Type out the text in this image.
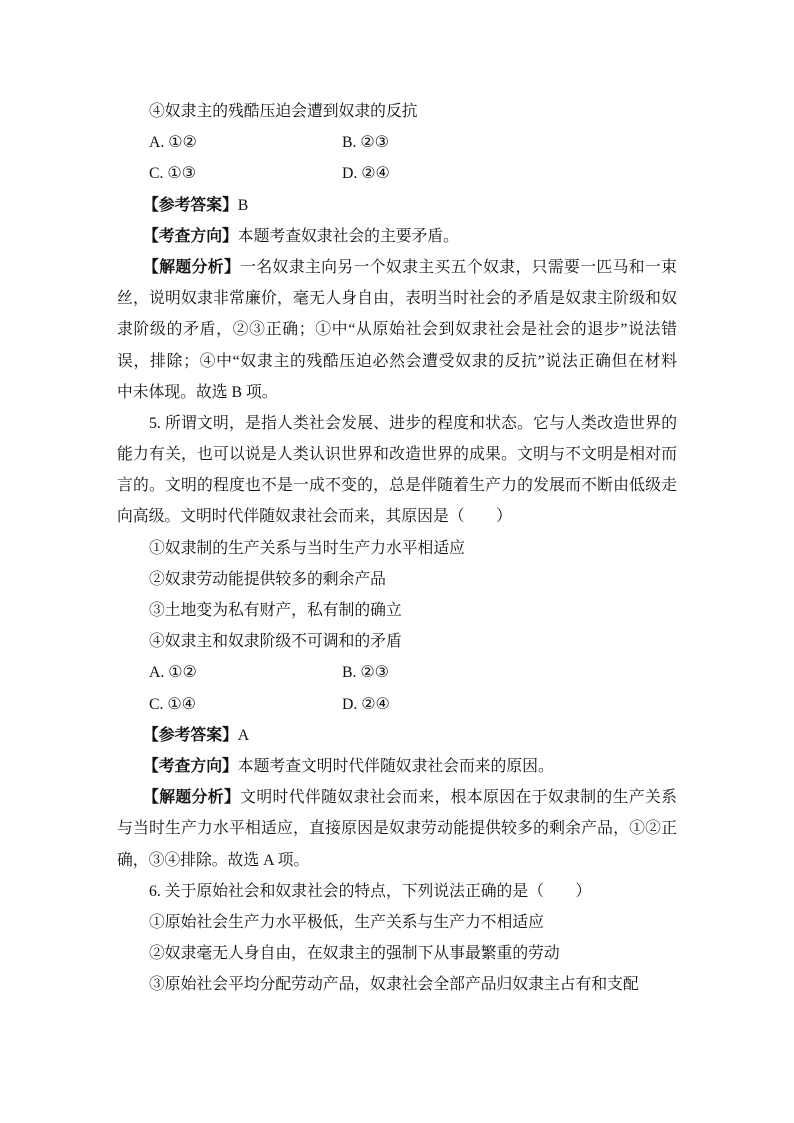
④奴隶主的残酷压迫会遭到奴隶的反抗
A. ①②	B. ②③
C. ①③	D. ②④
【参考答案】B
【考查方向】本题考查奴隶社会的主要矛盾。
【解题分析】一名奴隶主向另一个奴隶主买五个奴隶，只需要一匹马和一束
丝，说明奴隶非常廉价，毫无人身自由，表明当时社会的矛盾是奴隶主阶级和奴
隶阶级的矛盾，②③正确；①中“从原始社会到奴隶社会是社会的退步”说法错
误，排除；④中“奴隶主的残酷压迫必然会遭受奴隶的反抗”说法正确但在材料
中未体现。故选 B 项。
5. 所谓文明，是指人类社会发展、进步的程度和状态。它与人类改造世界的
能力有关，也可以说是人类认识世界和改造世界的成果。文明与不文明是相对而
言的。文明的程度也不是一成不变的，总是伴随着生产力的发展而不断由低级走
向高级。文明时代伴随奴隶社会而来，其原因是（　　）
①奴隶制的生产关系与当时生产力水平相适应
②奴隶劳动能提供较多的剩余产品
③土地变为私有财产，私有制的确立
④奴隶主和奴隶阶级不可调和的矛盾
A. ①②	B. ②③
C. ①④	D. ②④
【参考答案】A
【考查方向】本题考查文明时代伴随奴隶社会而来的原因。
【解题分析】文明时代伴随奴隶社会而来，根本原因在于奴隶制的生产关系
与当时生产力水平相适应，直接原因是奴隶劳动能提供较多的剩余产品，①②正
确，③④排除。故选 A 项。
6. 关于原始社会和奴隶社会的特点，下列说法正确的是（　　）
①原始社会生产力水平极低，生产关系与生产力不相适应
②奴隶毫无人身自由，在奴隶主的强制下从事最繁重的劳动
③原始社会平均分配劳动产品，奴隶社会全部产品归奴隶主占有和支配
